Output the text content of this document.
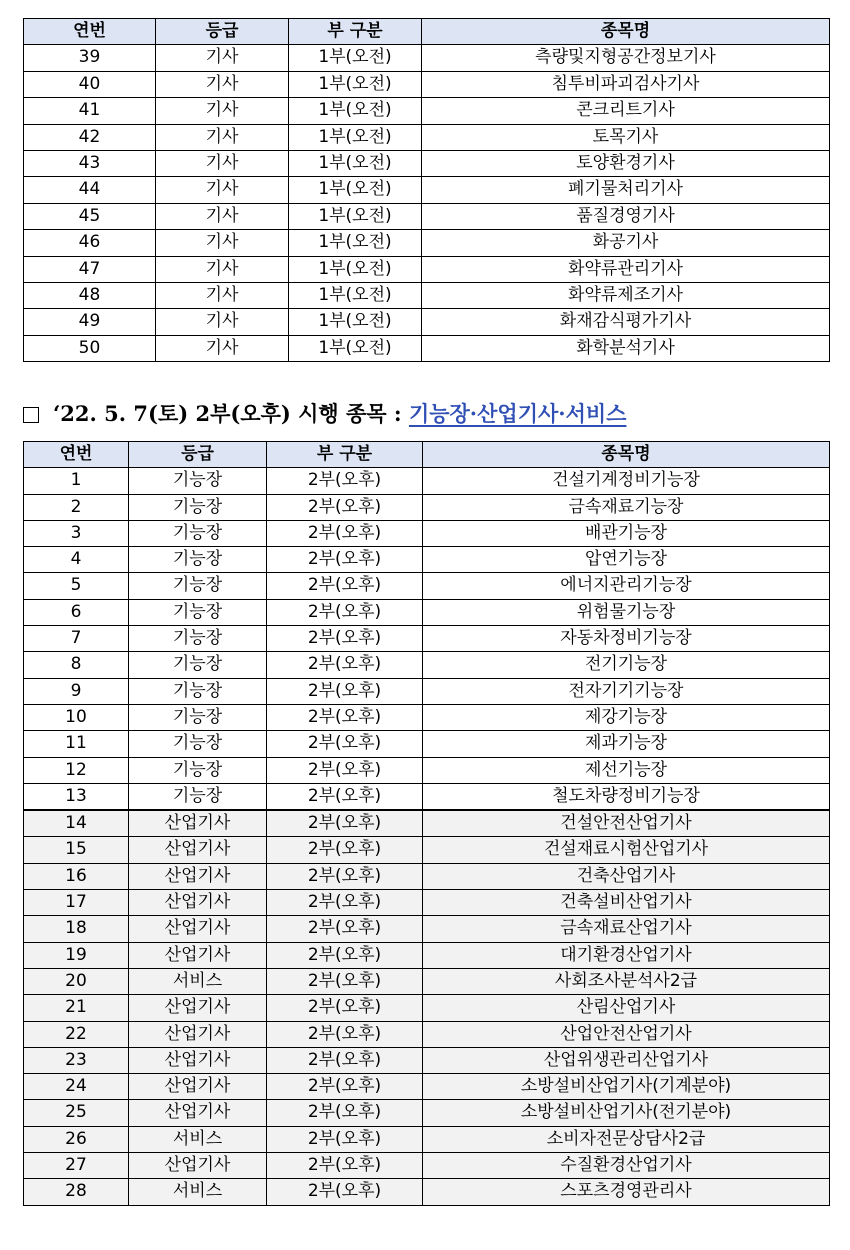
연번	등급	부 구분	종목명
39	기사	1부(오전)	측량및지형공간정보기사
40	기사	1부(오전)	침투비파괴검사기사
41	기사	1부(오전)	콘크리트기사
42	기사	1부(오전)	토목기사
43	기사	1부(오전)	토양환경기사
44	기사	1부(오전)	폐기물처리기사
45	기사	1부(오전)	품질경영기사
46	기사	1부(오전)	화공기사
47	기사	1부(오전)	화약류관리기사
48	기사	1부(오전)	화약류제조기사
49	기사	1부(오전)	화재감식평가기사
50	기사	1부(오전)	화학분석기사
‘22. 5. 7(토) 2부(오후) 시행 종목 : 기능장·산업기사·서비스
연번	등급	부 구분	종목명
1	기능장	2부(오후)	건설기계정비기능장
2	기능장	2부(오후)	금속재료기능장
3	기능장	2부(오후)	배관기능장
4	기능장	2부(오후)	압연기능장
5	기능장	2부(오후)	에너지관리기능장
6	기능장	2부(오후)	위험물기능장
7	기능장	2부(오후)	자동차정비기능장
8	기능장	2부(오후)	전기기능장
9	기능장	2부(오후)	전자기기기능장
10	기능장	2부(오후)	제강기능장
11	기능장	2부(오후)	제과기능장
12	기능장	2부(오후)	제선기능장
13	기능장	2부(오후)	철도차량정비기능장
14	산업기사	2부(오후)	건설안전산업기사
15	산업기사	2부(오후)	건설재료시험산업기사
16	산업기사	2부(오후)	건축산업기사
17	산업기사	2부(오후)	건축설비산업기사
18	산업기사	2부(오후)	금속재료산업기사
19	산업기사	2부(오후)	대기환경산업기사
20	서비스	2부(오후)	사회조사분석사2급
21	산업기사	2부(오후)	산림산업기사
22	산업기사	2부(오후)	산업안전산업기사
23	산업기사	2부(오후)	산업위생관리산업기사
24	산업기사	2부(오후)	소방설비산업기사(기계분야)
25	산업기사	2부(오후)	소방설비산업기사(전기분야)
26	서비스	2부(오후)	소비자전문상담사2급
27	산업기사	2부(오후)	수질환경산업기사
28	서비스	2부(오후)	스포츠경영관리사
